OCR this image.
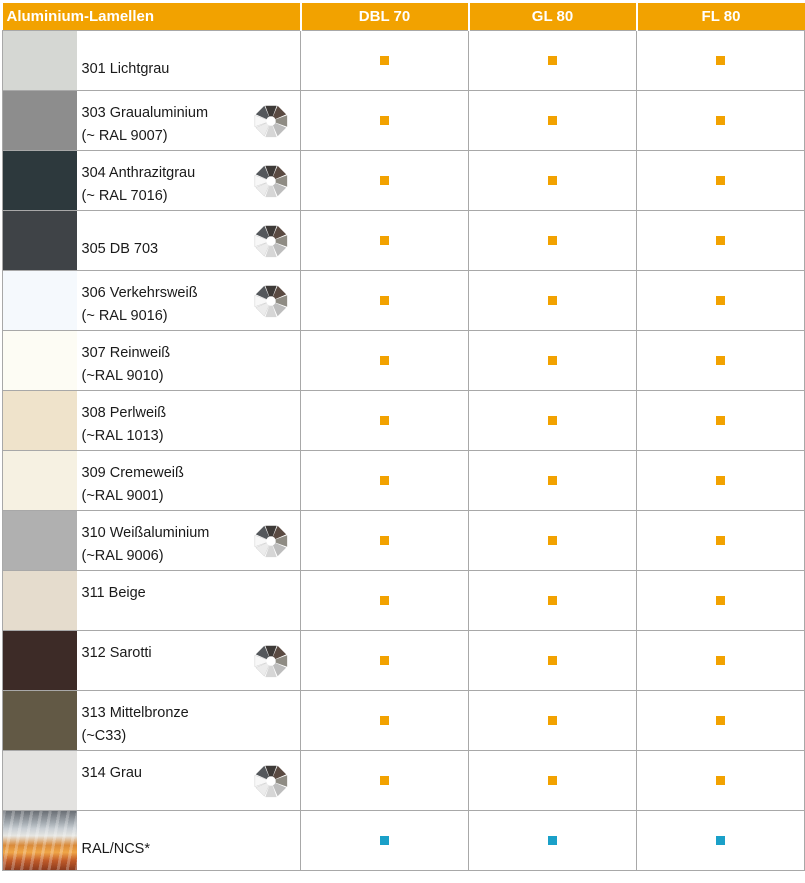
Aluminium-Lamellen		DBL 70	GL 80	FL 80

	301 Lichtgrau			

	303 Graualuminium
(~ RAL 9007)			

	304 Anthrazitgrau
(~ RAL 7016)			

	305 DB 703			

	306 Verkehrsweiß
(~ RAL 9016)			

	307 Reinweiß
(~RAL 9010)			

	308 Perlweiß
(~RAL 1013)			

	309 Cremeweiß
(~RAL 9001)			

	310 Weißaluminium
(~RAL 9006)			

	311 Beige			

	312 Sarotti			

	313 Mittelbronze
(~C33)			

	314 Grau			

	RAL/NCS*			
